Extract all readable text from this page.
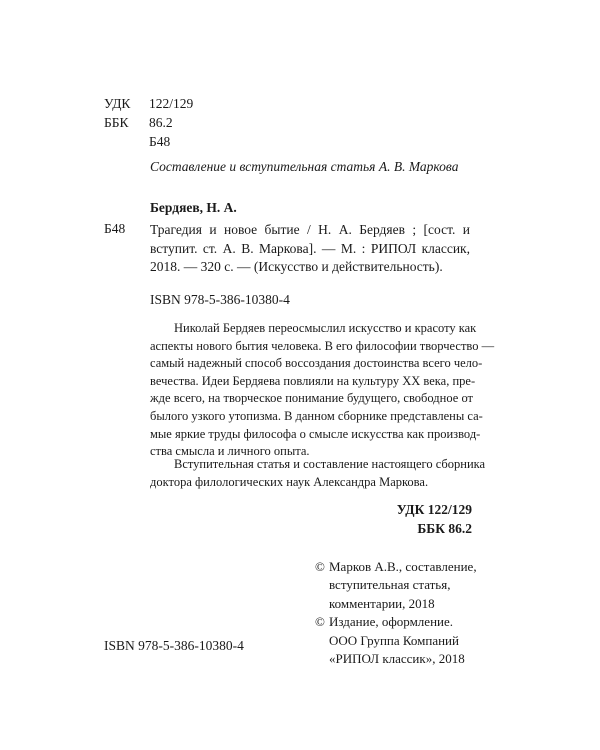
УДК	122/129
ББК	86.2
Б48
Составление и вступительная статья А. В. Маркова
Бердяев, Н. А.
Б48 Трагедия и новое бытие / Н. А. Бердяев ; [сост. и
вступит. ст. А. В. Маркова]. — М. : РИПОЛ классик,
2018. — 320 с. — (Искусство и действительность).
ISBN 978-5-386-10380-4
Николай Бердяев переосмыслил искусство и красоту как
аспекты нового бытия человека. В его философии творчество —
самый надежный способ воссоздания достоинства всего чело-
вечества. Идеи Бердяева повлияли на культуру XX века, пре-
жде всего, на творческое понимание будущего, свободное от
былого узкого утопизма. В данном сборнике представлены са-
мые яркие труды философа о смысле искусства как производ-
ства смысла и личного опыта.
Вступительная статья и составление настоящего сборника
доктора филологических наук Александра Маркова.
УДК 122/129
ББК 86.2
© Марков А.В., составление,
вступительная статья,
комментарии, 2018
© Издание, оформление.
ООО Группа Компаний
«РИПОЛ классик», 2018
ISBN 978-5-386-10380-4
